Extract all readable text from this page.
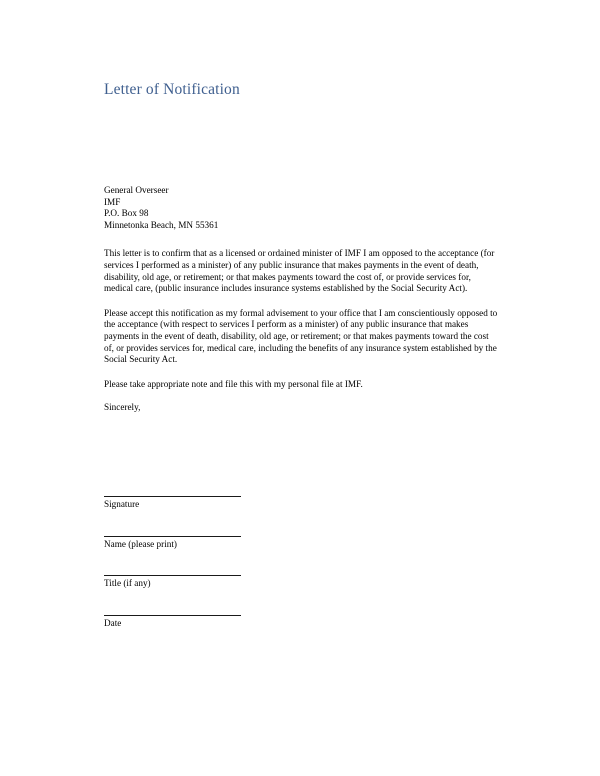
Letter of Notification
General Overseer
IMF
P.O. Box 98
Minnetonka Beach, MN 55361
This letter is to confirm that as a licensed or ordained minister of IMF I am opposed to the acceptance (for services I performed as a minister) of any public insurance that makes payments in the event of death, disability, old age, or retirement; or that makes payments toward the cost of, or provide services for, medical care, (public insurance includes insurance systems established by the Social Security Act).
Please accept this notification as my formal advisement to your office that I am conscientiously opposed to the acceptance (with respect to services I perform as a minister) of any public insurance that makes payments in the event of death, disability, old age, or retirement; or that makes payments toward the cost of, or provides services for, medical care, including the benefits of any insurance system established by the Social Security Act.
Please take appropriate note and file this with my personal file at IMF.
Sincerely,
Signature
Name (please print)
Title (if any)
Date
